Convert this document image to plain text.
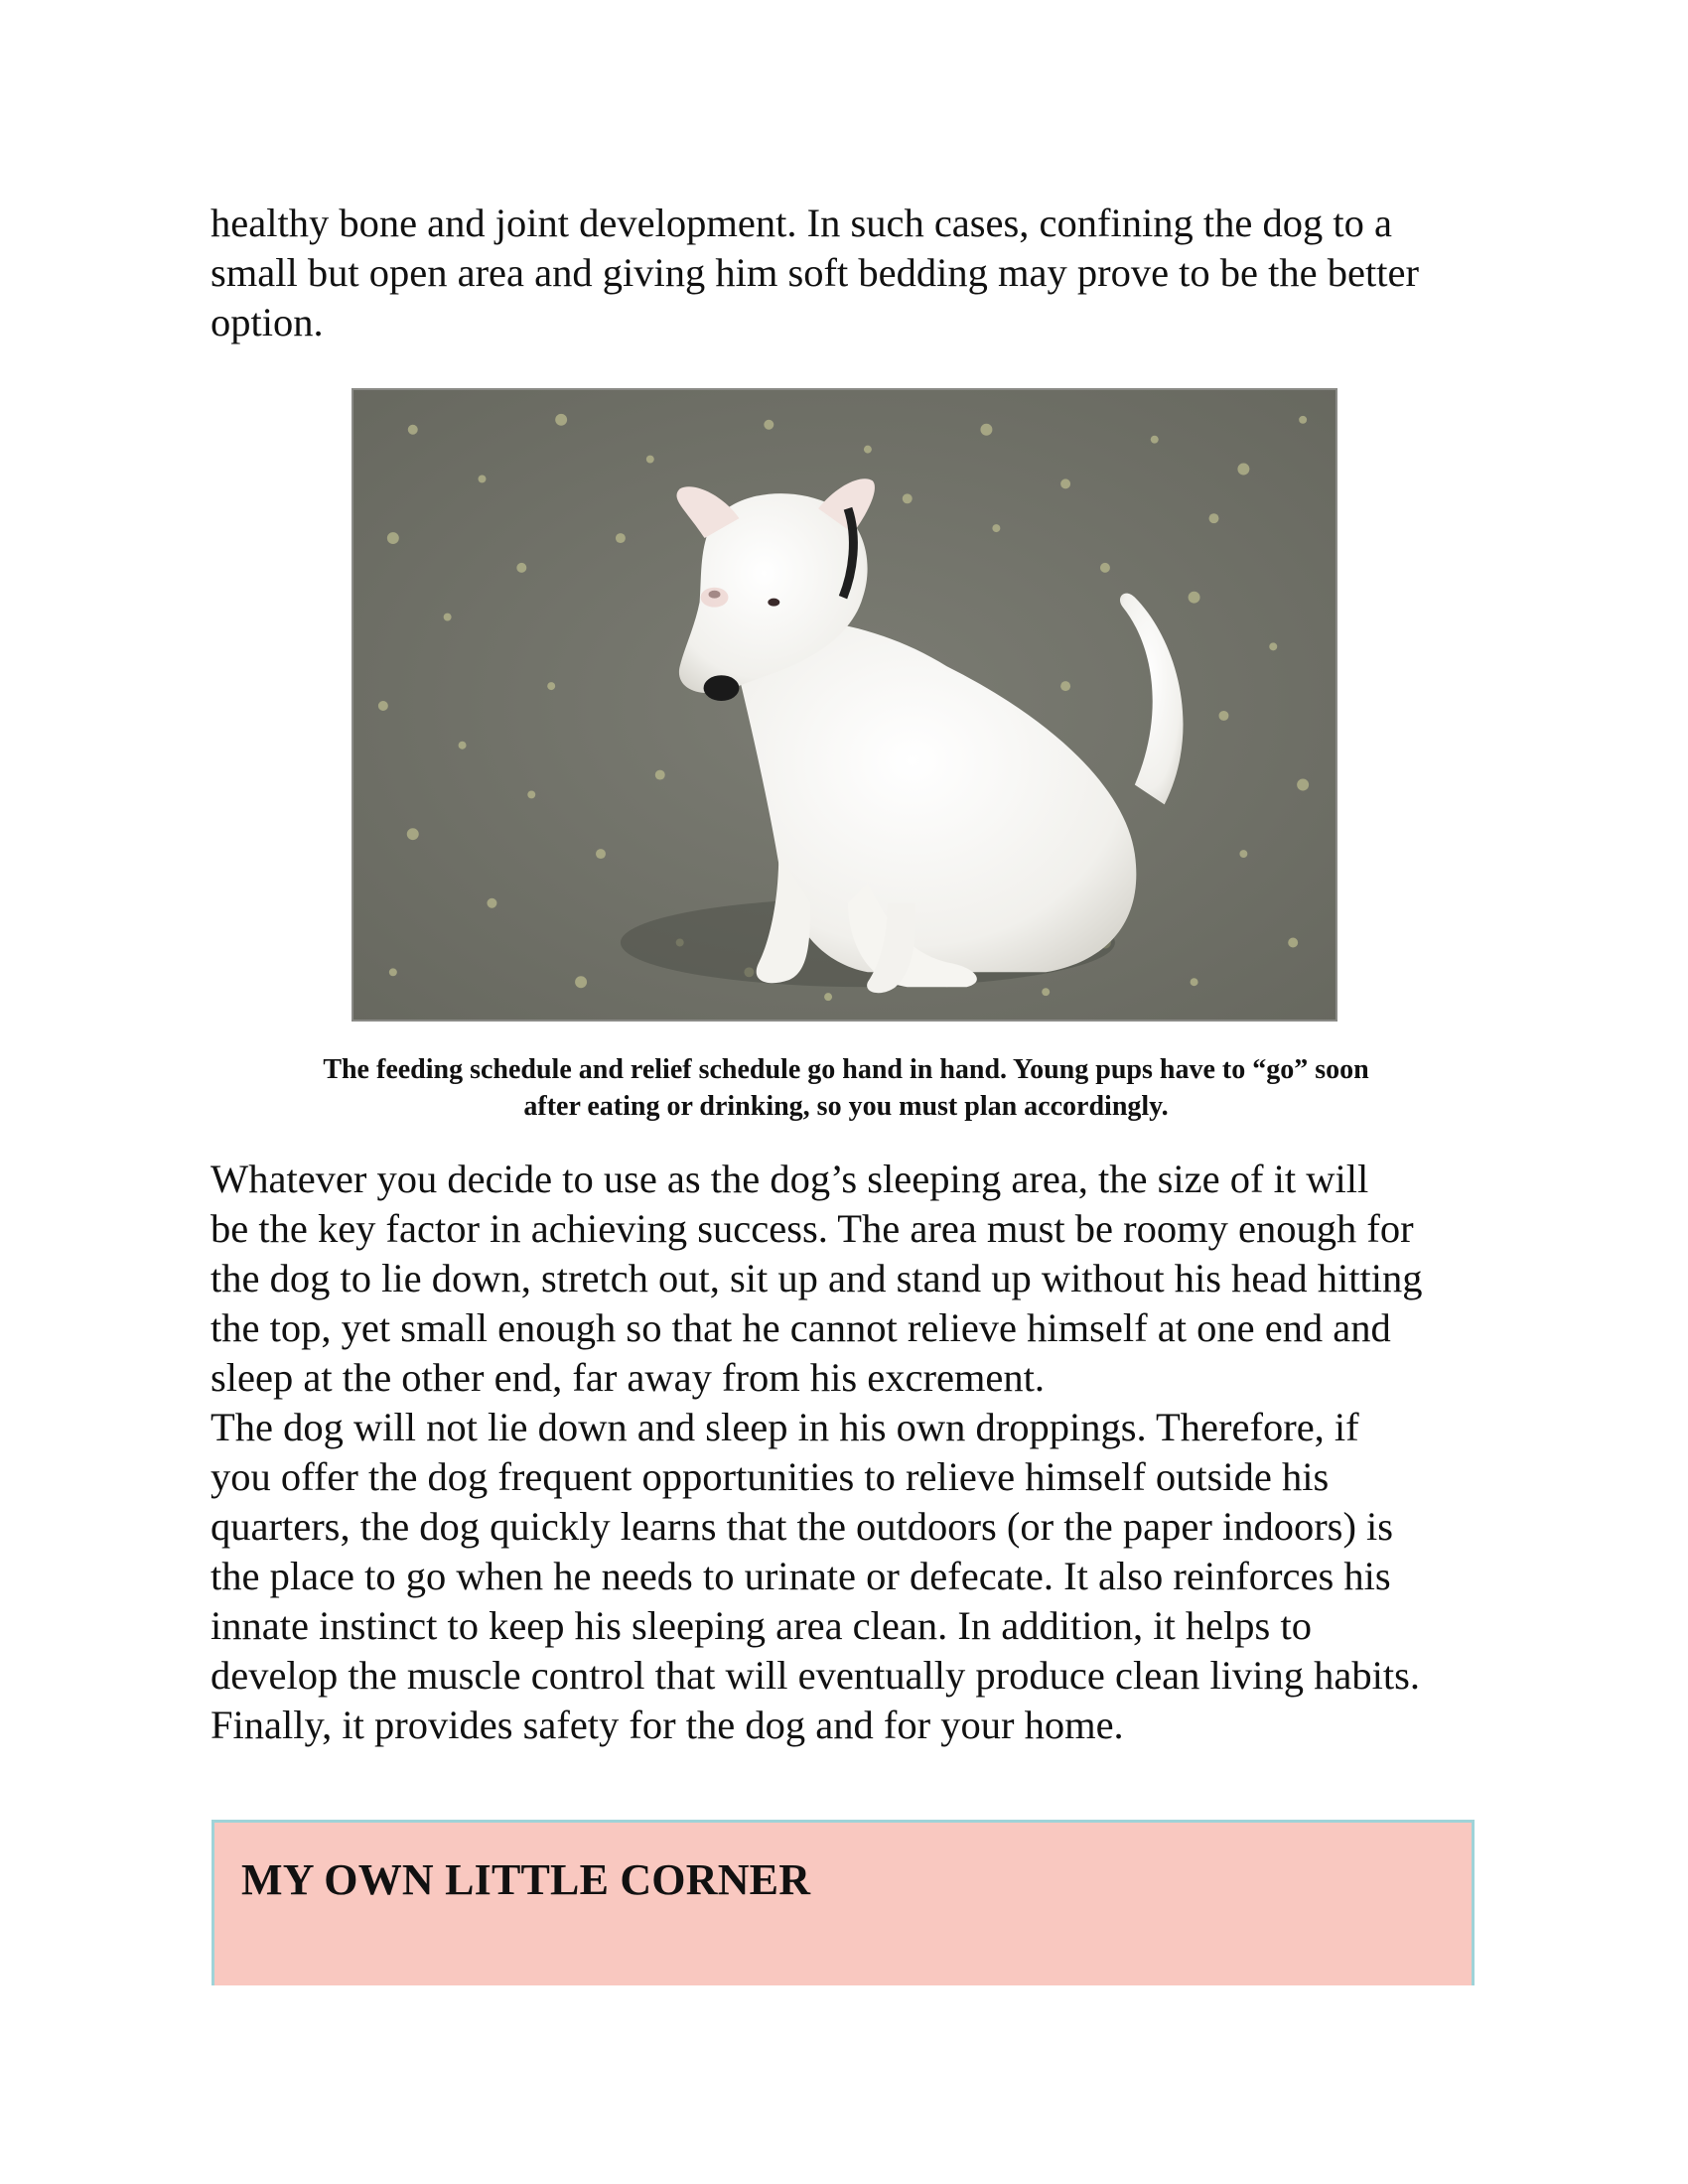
healthy bone and joint development. In such cases, confining the dog to a
small but open area and giving him soft bedding may prove to be the better
option.

The feeding schedule and relief schedule go hand in hand. Young pups have to “go” soon
after eating or drinking, so you must plan accordingly.

Whatever you decide to use as the dog’s sleeping area, the size of it will
be the key factor in achieving success. The area must be roomy enough for
the dog to lie down, stretch out, sit up and stand up without his head hitting
the top, yet small enough so that he cannot relieve himself at one end and
sleep at the other end, far away from his excrement.
The dog will not lie down and sleep in his own droppings. Therefore, if
you offer the dog frequent opportunities to relieve himself outside his
quarters, the dog quickly learns that the outdoors (or the paper indoors) is
the place to go when he needs to urinate or defecate. It also reinforces his
innate instinct to keep his sleeping area clean. In addition, it helps to
develop the muscle control that will eventually produce clean living habits.
Finally, it provides safety for the dog and for your home.

MY OWN LITTLE CORNER
